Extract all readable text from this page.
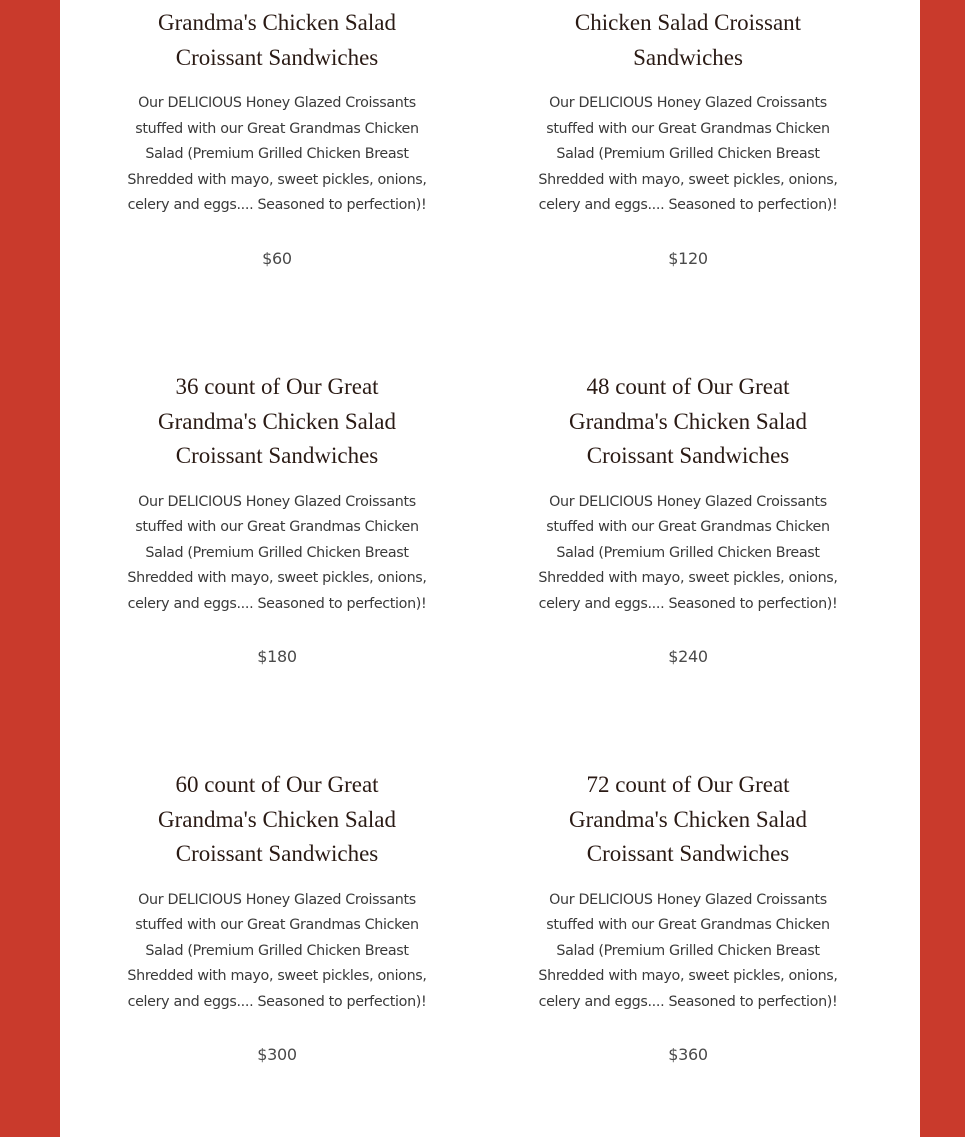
Grandma's Chicken Salad
Croissant Sandwiches
Our DELICIOUS Honey Glazed Croissants stuffed with our Great Grandmas Chicken Salad (Premium Grilled Chicken Breast Shredded with mayo, sweet pickles, onions, celery and eggs.... Seasoned to perfection)!
$60
Chicken Salad Croissant
Sandwiches
Our DELICIOUS Honey Glazed Croissants stuffed with our Great Grandmas Chicken Salad (Premium Grilled Chicken Breast Shredded with mayo, sweet pickles, onions, celery and eggs.... Seasoned to perfection)!
$120
36 count of Our Great
Grandma's Chicken Salad
Croissant Sandwiches
Our DELICIOUS Honey Glazed Croissants stuffed with our Great Grandmas Chicken Salad (Premium Grilled Chicken Breast Shredded with mayo, sweet pickles, onions, celery and eggs.... Seasoned to perfection)!
$180
48 count of Our Great
Grandma's Chicken Salad
Croissant Sandwiches
Our DELICIOUS Honey Glazed Croissants stuffed with our Great Grandmas Chicken Salad (Premium Grilled Chicken Breast Shredded with mayo, sweet pickles, onions, celery and eggs.... Seasoned to perfection)!
$240
60 count of Our Great
Grandma's Chicken Salad
Croissant Sandwiches
Our DELICIOUS Honey Glazed Croissants stuffed with our Great Grandmas Chicken Salad (Premium Grilled Chicken Breast Shredded with mayo, sweet pickles, onions, celery and eggs.... Seasoned to perfection)!
$300
72 count of Our Great
Grandma's Chicken Salad
Croissant Sandwiches
Our DELICIOUS Honey Glazed Croissants stuffed with our Great Grandmas Chicken Salad (Premium Grilled Chicken Breast Shredded with mayo, sweet pickles, onions, celery and eggs.... Seasoned to perfection)!
$360
